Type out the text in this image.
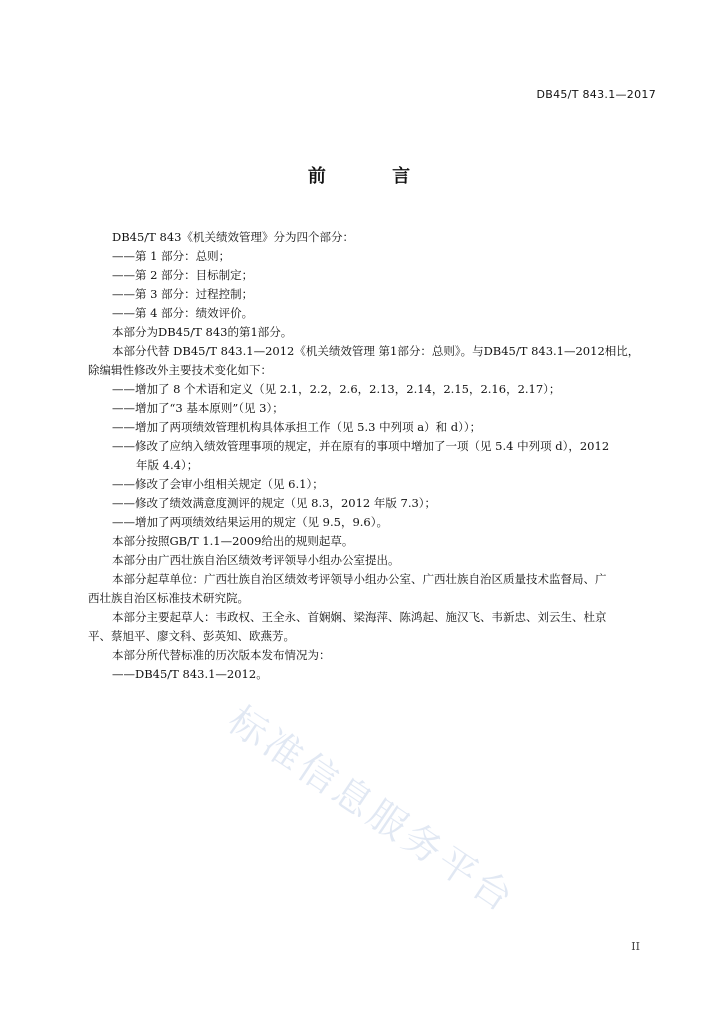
DB45/T 843.1—2017
前 言

DB45/T 843《机关绩效管理》分为四个部分：

——第 1 部分：总则；

——第 2 部分：目标制定；

——第 3 部分：过程控制；

——第 4 部分：绩效评价。

本部分为DB45/T 843的第1部分。

本部分代替 DB45/T 843.1—2012《机关绩效管理 第1部分：总则》。与DB45/T 843.1—2012相比，

除编辑性修改外主要技术变化如下：

——增加了 8 个术语和定义（见 2.1，2.2，2.6，2.13，2.14，2.15，2.16，2.17）；

——增加了“3 基本原则”（见 3）；

——增加了两项绩效管理机构具体承担工作（见 5.3 中列项 a）和 d））；

——修改了应纳入绩效管理事项的规定，并在原有的事项中增加了一项（见 5.4 中列项 d），2012

年版 4.4）；

——修改了会审小组相关规定（见 6.1）；

——修改了绩效满意度测评的规定（见 8.3，2012 年版 7.3）；

——增加了两项绩效结果运用的规定（见 9.5，9.6）。

本部分按照GB/T 1.1—2009给出的规则起草。

本部分由广西壮族自治区绩效考评领导小组办公室提出。

本部分起草单位：广西壮族自治区绩效考评领导小组办公室、广西壮族自治区质量技术监督局、广

西壮族自治区标准技术研究院。

本部分主要起草人：韦政权、王全永、首娴娴、梁海萍、陈鸿起、施汉飞、韦新忠、刘云生、杜京

平、蔡旭平、廖文科、彭英知、欧燕芳。

本部分所代替标准的历次版本发布情况为：

——DB45/T 843.1—2012。

标准信息服务平台
II
